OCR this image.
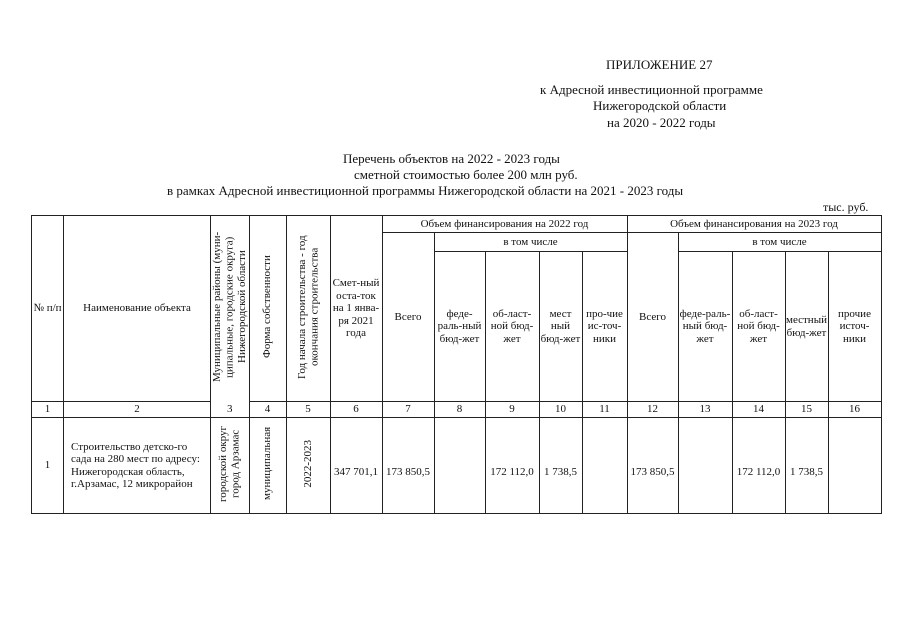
ПРИЛОЖЕНИЕ 27
к Адресной инвестиционной программе
Нижегородской области
на 2020 - 2022 годы
Перечень объектов на 2022 - 2023 годы
сметной стоимостью более 200 млн руб.
в рамках Адресной инвестиционной программы Нижегородской области на 2021 - 2023 годы
тыс. руб.
№ п/п	Наименование объекта	Муниципальные районы (муни-ципальные, городские округа) Нижегородской области	Форма собственности	Год начала строительства - год окончания строительства	Смет-ный оста-ток на 1 янва-ря 2021 года	Объем финансирования на 2022 год					Объем финансирования на 2023 год				
						Всего	в том числе				Всего	в том числе			
							феде-раль-ный бюд-жет	об-ласт-ной бюд-жет	мест ный бюд-жет	про-чие ис-точ-ники		феде-раль-ный бюд-жет	об-ласт-ной бюд-жет	местный бюд-жет	прочие источ-ники
1	2	3	4	5	6	7	8	9	10	11	12	13	14	15	16
1	Строительство детско-го сада на 280 мест по адресу: Нижегородская область, г.Арзамас, 12 микрорайон	городской округ город Арзамас	муниципальная	2022-2023	347 701,1	173 850,5		172 112,0	1 738,5		173 850,5		172 112,0	1 738,5	
